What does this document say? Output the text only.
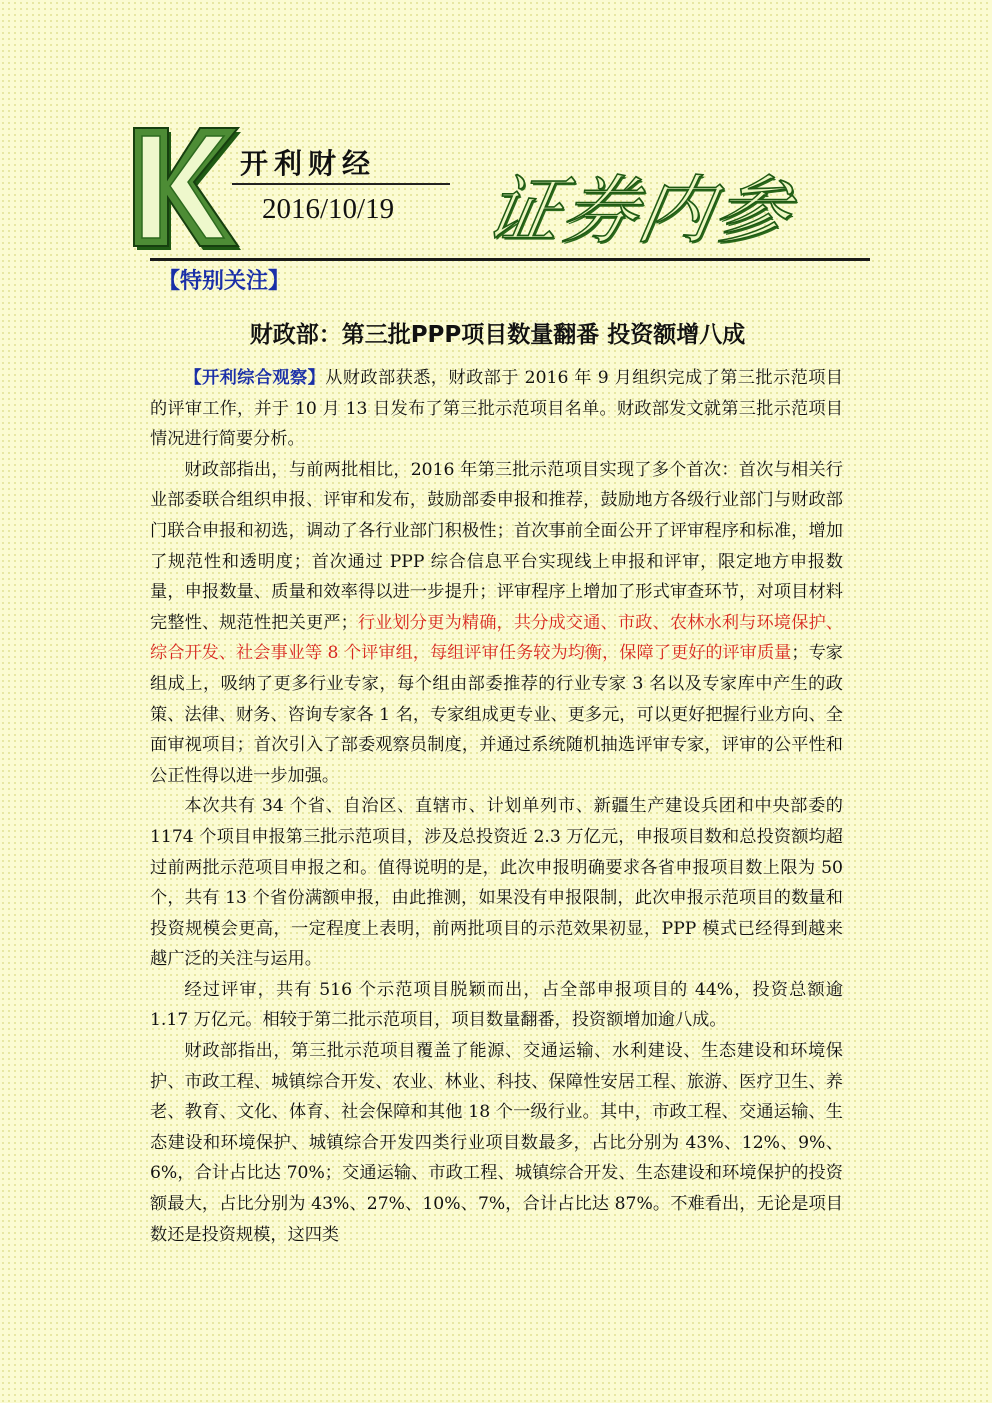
开利财经
2016/10/19 证券内参
【特别关注】
财政部：第三批PPP项目数量翻番 投资额增八成

【开利综合观察】从财政部获悉，财政部于 2016 年 9 月组织完成了第三批示范项目的评审工作，并于 10 月 13 日发布了第三批示范项目名单。财政部发文就第三批示范项目情况进行简要分析。

财政部指出，与前两批相比，2016 年第三批示范项目实现了多个首次：首次与相关行业部委联合组织申报、评审和发布，鼓励部委申报和推荐，鼓励地方各级行业部门与财政部门联合申报和初选，调动了各行业部门积极性；首次事前全面公开了评审程序和标准，增加了规范性和透明度；首次通过 PPP 综合信息平台实现线上申报和评审，限定地方申报数量，申报数量、质量和效率得以进一步提升；评审程序上增加了形式审查环节，对项目材料完整性、规范性把关更严；行业划分更为精确，共分成交通、市政、农林水利与环境保护、综合开发、社会事业等 8 个评审组，每组评审任务较为均衡，保障了更好的评审质量；专家组成上，吸纳了更多行业专家，每个组由部委推荐的行业专家 3 名以及专家库中产生的政策、法律、财务、咨询专家各 1 名，专家组成更专业、更多元，可以更好把握行业方向、全面审视项目；首次引入了部委观察员制度，并通过系统随机抽选评审专家，评审的公平性和公正性得以进一步加强。

本次共有 34 个省、自治区、直辖市、计划单列市、新疆生产建设兵团和中央部委的 1174 个项目申报第三批示范项目，涉及总投资近 2.3 万亿元，申报项目数和总投资额均超过前两批示范项目申报之和。值得说明的是，此次申报明确要求各省申报项目数上限为 50 个，共有 13 个省份满额申报，由此推测，如果没有申报限制，此次申报示范项目的数量和投资规模会更高，一定程度上表明，前两批项目的示范效果初显，PPP 模式已经得到越来越广泛的关注与运用。

经过评审，共有 516 个示范项目脱颖而出，占全部申报项目的 44%，投资总额逾 1.17 万亿元。相较于第二批示范项目，项目数量翻番，投资额增加逾八成。

财政部指出，第三批示范项目覆盖了能源、交通运输、水利建设、生态建设和环境保护、市政工程、城镇综合开发、农业、林业、科技、保障性安居工程、旅游、医疗卫生、养老、教育、文化、体育、社会保障和其他 18 个一级行业。其中，市政工程、交通运输、生态建设和环境保护、城镇综合开发四类行业项目数最多，占比分别为 43%、12%、9%、6%，合计占比达 70%；交通运输、市政工程、城镇综合开发、生态建设和环境保护的投资额最大，占比分别为 43%、27%、10%、7%，合计占比达 87%。不难看出，无论是项目数还是投资规模，这四类
